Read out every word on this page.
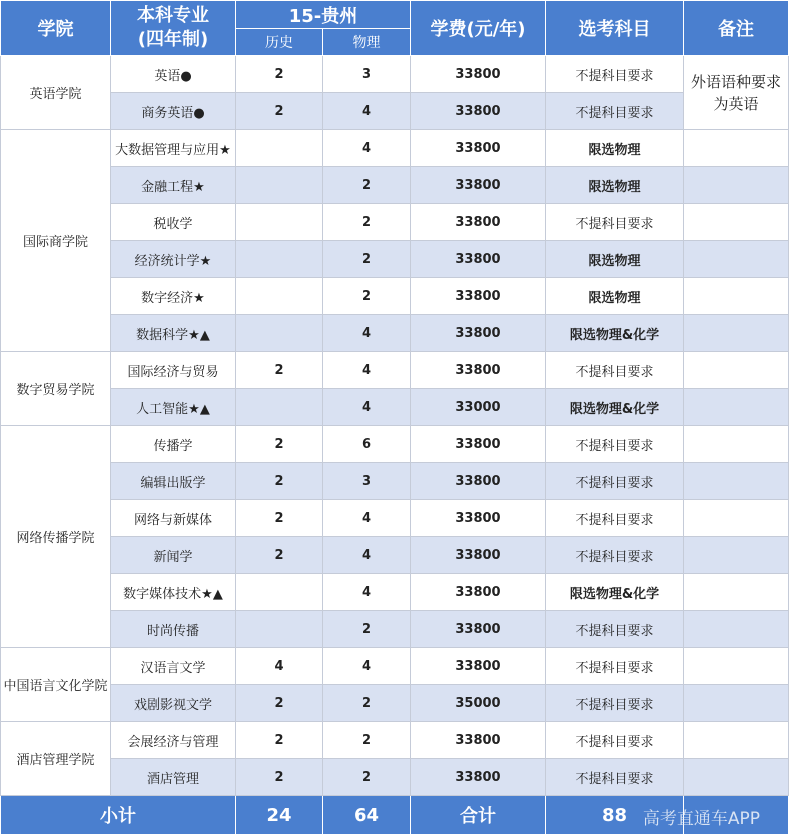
学院	本科专业
(四年制)	15-贵州		学费(元/年)	选考科目	备注
		历史	物理			
英语学院	英语●	2	3	33800	不提科目要求	外语语种要求为英语
	商务英语●	2	4	33800	不提科目要求	
国际商学院	大数据管理与应用★		4	33800	限选物理	
	金融工程★		2	33800	限选物理	
	税收学		2	33800	不提科目要求	
	经济统计学★		2	33800	限选物理	
	数字经济★		2	33800	限选物理	
	数据科学★▲		4	33800	限选物理&化学	
数字贸易学院	国际经济与贸易	2	4	33800	不提科目要求	
	人工智能★▲		4	33000	限选物理&化学	
网络传播学院	传播学	2	6	33800	不提科目要求	
	编辑出版学	2	3	33800	不提科目要求	
	网络与新媒体	2	4	33800	不提科目要求	
	新闻学	2	4	33800	不提科目要求	
	数字媒体技术★▲		4	33800	限选物理&化学	
	时尚传播		2	33800	不提科目要求	
中国语言文化学院	汉语言文学	4	4	33800	不提科目要求	
	戏剧影视文学	2	2	35000	不提科目要求	
酒店管理学院	会展经济与管理	2	2	33800	不提科目要求	
	酒店管理	2	2	33800	不提科目要求	
小计		24	64	合计	88	高考直通车APP
